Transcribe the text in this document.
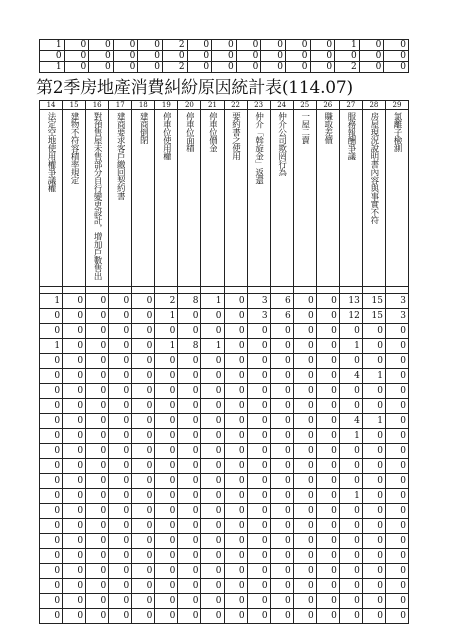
1	0	0	0	0	2	0	0	0	0	0	0	1	0	0
0	0	0	0	0	0	0	0	0	0	0	0	0	0	0
1	0	0	0	0	2	0	0	0	0	0	0	2	0	0
第2季房地產消費糾紛原因統計表(114.07)
14	15	16	17	18	19	20	21	22	23	24	25	26	27	28	29

法定空地使用權爭議權	建物不符容積率規定	對預售屋未售部分自行變更設計，增加戶數售出	建商要求客戶繳回契約書	建商倒閉	停車位使用權	停車位面積	停車位價金	要約書之使用	仲介「斡旋金」返還	仲介公司欺罔行為	一屋二賣	賺取差價	服務報酬爭議	房屋現況說明書內容與事實不符	氯離子檢測

1	0	0	0	0	2	8	1	0	3	6	0	0	13	15	3
0	0	0	0	0	1	0	0	0	3	6	0	0	12	15	3
0	0	0	0	0	0	0	0	0	0	0	0	0	0	0	0
1	0	0	0	0	1	8	1	0	0	0	0	0	1	0	0
0	0	0	0	0	0	0	0	0	0	0	0	0	0	0	0
0	0	0	0	0	0	0	0	0	0	0	0	0	4	1	0
0	0	0	0	0	0	0	0	0	0	0	0	0	0	0	0
0	0	0	0	0	0	0	0	0	0	0	0	0	0	0	0
0	0	0	0	0	0	0	0	0	0	0	0	0	4	1	0
0	0	0	0	0	0	0	0	0	0	0	0	0	1	0	0
0	0	0	0	0	0	0	0	0	0	0	0	0	0	0	0
0	0	0	0	0	0	0	0	0	0	0	0	0	0	0	0
0	0	0	0	0	0	0	0	0	0	0	0	0	0	0	0
0	0	0	0	0	0	0	0	0	0	0	0	0	1	0	0
0	0	0	0	0	0	0	0	0	0	0	0	0	0	0	0
0	0	0	0	0	0	0	0	0	0	0	0	0	0	0	0
0	0	0	0	0	0	0	0	0	0	0	0	0	0	0	0
0	0	0	0	0	0	0	0	0	0	0	0	0	0	0	0
0	0	0	0	0	0	0	0	0	0	0	0	0	0	0	0
0	0	0	0	0	0	0	0	0	0	0	0	0	0	0	0
0	0	0	0	0	0	0	0	0	0	0	0	0	0	0	0
0	0	0	0	0	0	0	0	0	0	0	0	0	0	0	0
